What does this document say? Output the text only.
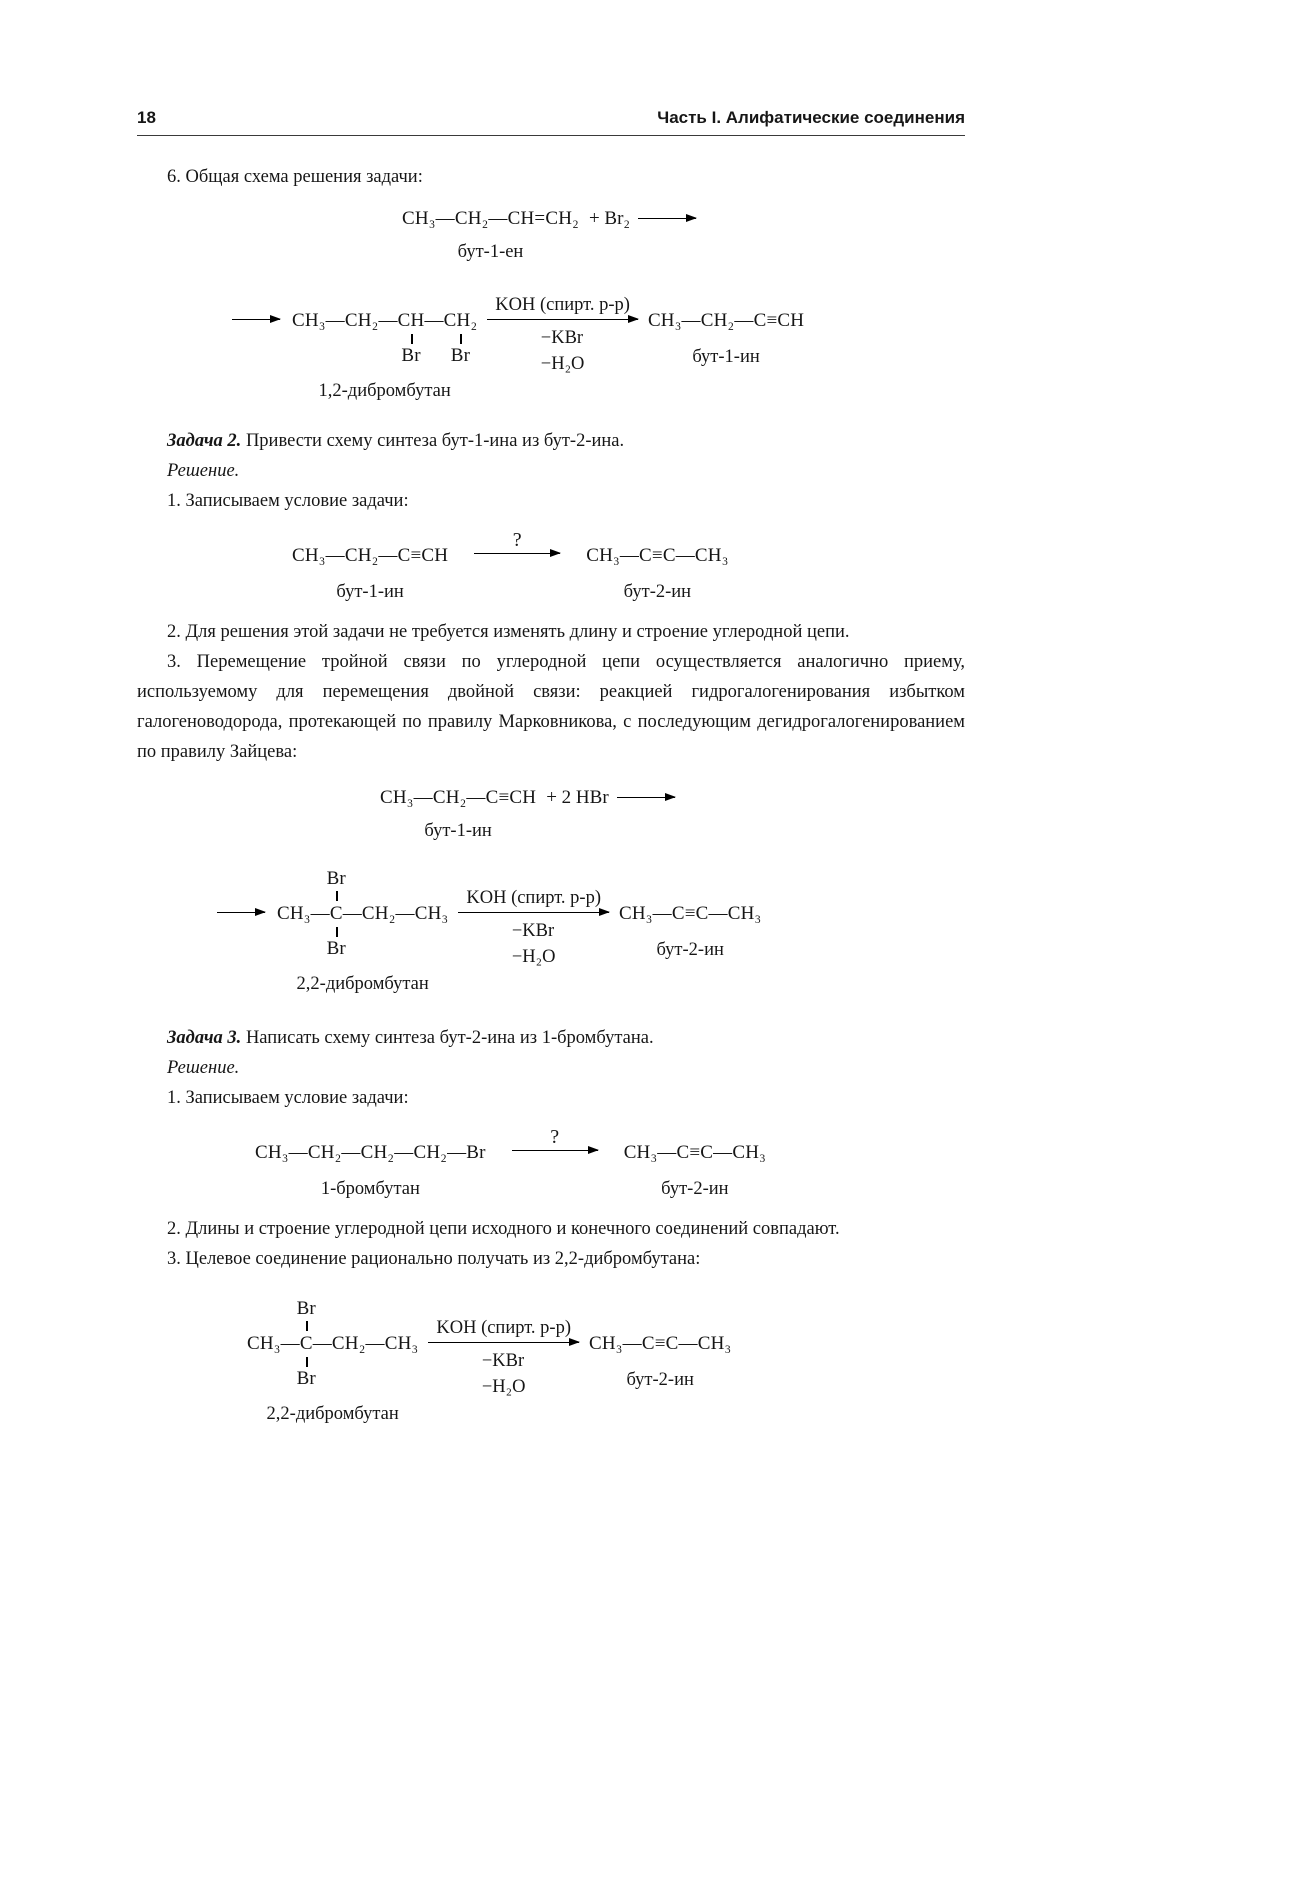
18	Часть I. Алифатические соединения

6. Общая схема решения задачи:

CH₃—CH₂—CH=CH₂
бут-1-ен
+ Br₂
CH₃—CH₂—CH
Br
—CH₂
Br
1,2-дибромбутан
KOH (спирт. р-р)
−KBr
−H₂O
CH₃—CH₂—C≡CH
бут-1-ин

Задача 2. Привести схему синтеза бут-1-ина из бут-2-ина.

Решение.

1. Записываем условие задачи:

CH₃—CH₂—C≡CH
бут-1-ин
?
CH₃—C≡C—CH₃
бут-2-ин

2. Для решения этой задачи не требуется изменять длину и строение углеродной цепи.

3. Перемещение тройной связи по углеродной цепи осуществляется аналогично приему, используемому для перемещения двойной связи: реакцией гидрогалогенирования избытком галогеноводорода, протекающей по правилу Марковникова, с последующим дегидрогалогенированием по правилу Зайцева:

CH₃—CH₂—C≡CH
бут-1-ин
+ 2 HBr
CH₃—C
Br
Br
—CH₂—CH₃
2,2-дибромбутан
KOH (спирт. р-р)
−KBr
−H₂O
CH₃—C≡C—CH₃
бут-2-ин

Задача 3. Написать схему синтеза бут-2-ина из 1-бромбутана.

Решение.

1. Записываем условие задачи:

CH₃—CH₂—CH₂—CH₂—Br
1-бромбутан
?
CH₃—C≡C—CH₃
бут-2-ин

2. Длины и строение углеродной цепи исходного и конечного соединений совпадают.

3. Целевое соединение рационально получать из 2,2-дибромбутана:

CH₃—C
Br
Br
—CH₂—CH₃
2,2-дибромбутан
KOH (спирт. р-р)
−KBr
−H₂O
CH₃—C≡C—CH₃
бут-2-ин
